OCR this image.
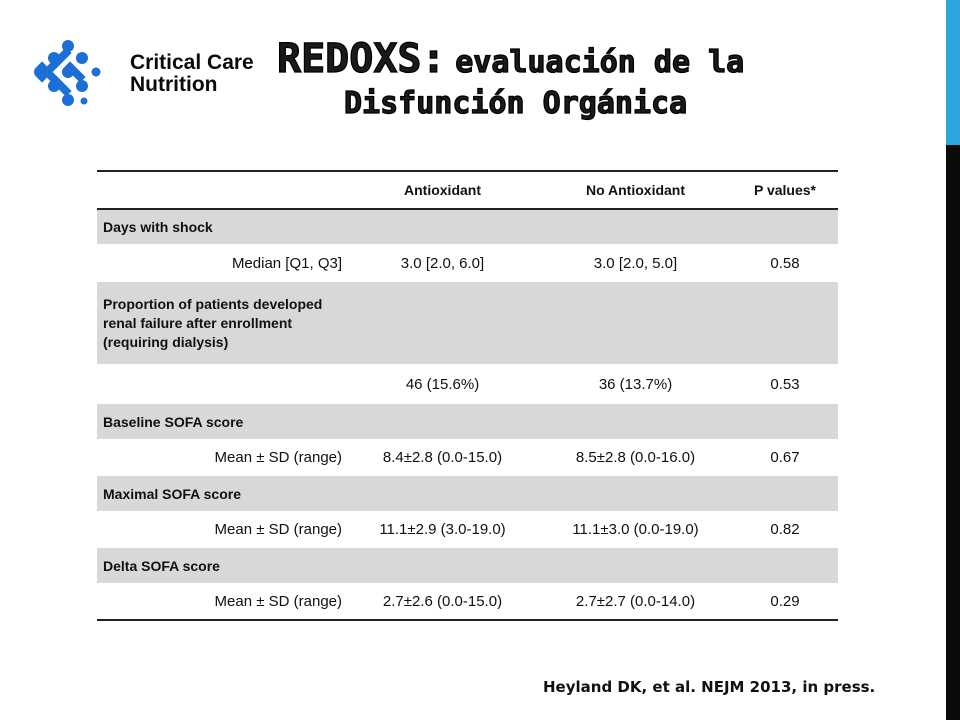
Critical Care
Nutrition
REDOXS: evaluación de la
Disfunción Orgánica
	Antioxidant	No Antioxidant	P values*
Days with shock			
Median [Q1, Q3]	3.0 [2.0, 6.0]	3.0 [2.0, 5.0]	0.58
Proportion of patients developed renal failure after enrollment (requiring dialysis)			
	46 (15.6%)	36 (13.7%)	0.53
Baseline SOFA score			
Mean ± SD (range)	8.4±2.8 (0.0-15.0)	8.5±2.8 (0.0-16.0)	0.67
Maximal SOFA score			
Mean ± SD (range)	11.1±2.9 (3.0-19.0)	11.1±3.0 (0.0-19.0)	0.82
Delta SOFA score			
Mean ± SD (range)	2.7±2.6 (0.0-15.0)	2.7±2.7 (0.0-14.0)	0.29
Heyland DK, et al. NEJM 2013, in press.
